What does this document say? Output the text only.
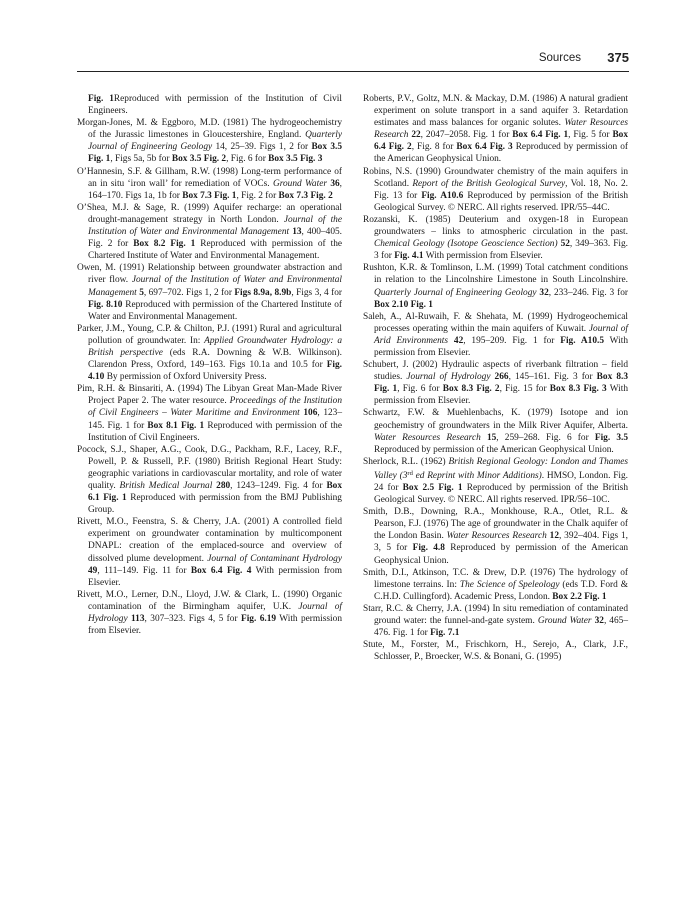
Sources 375

Fig. 1Reproduced with permission of the Institution of Civil Engineers.

Morgan-Jones, M. & Eggboro, M.D. (1981) The hydrogeochemistry of the Jurassic limestones in Gloucestershire, England. Quarterly Journal of Engineering Geology 14, 25–39. Figs 1, 2 for Box 3.5 Fig. 1, Figs 5a, 5b for Box 3.5 Fig. 2, Fig. 6 for Box 3.5 Fig. 3

O’Hannesin, S.F. & Gillham, R.W. (1998) Long-term performance of an in situ ‘iron wall’ for remediation of VOCs. Ground Water 36, 164–170. Figs 1a, 1b for Box 7.3 Fig. 1, Fig. 2 for Box 7.3 Fig. 2

O’Shea, M.J. & Sage, R. (1999) Aquifer recharge: an operational drought-management strategy in North London. Journal of the Institution of Water and Environmental Management 13, 400–405. Fig. 2 for Box 8.2 Fig. 1 Reproduced with permission of the Chartered Institute of Water and Environmental Management.

Owen, M. (1991) Relationship between groundwater abstraction and river flow. Journal of the Institution of Water and Environmental Management 5, 697–702. Figs 1, 2 for Figs 8.9a, 8.9b, Figs 3, 4 for Fig. 8.10 Reproduced with permission of the Chartered Institute of Water and Environmental Management.

Parker, J.M., Young, C.P. & Chilton, P.J. (1991) Rural and agricultural pollution of groundwater. In: Applied Groundwater Hydrology: a British perspective (eds R.A. Downing & W.B. Wilkinson). Clarendon Press, Oxford, 149–163. Figs 10.1a and 10.5 for Fig. 4.10 By permission of Oxford University Press.

Pim, R.H. & Binsariti, A. (1994) The Libyan Great Man-Made River Project Paper 2. The water resource. Proceedings of the Institution of Civil Engineers – Water Maritime and Environment 106, 123–145. Fig. 1 for Box 8.1 Fig. 1 Reproduced with permission of the Institution of Civil Engineers.

Pocock, S.J., Shaper, A.G., Cook, D.G., Packham, R.F., Lacey, R.F., Powell, P. & Russell, P.F. (1980) British Regional Heart Study: geographic variations in cardiovascular mortality, and role of water quality. British Medical Journal 280, 1243–1249. Fig. 4 for Box 6.1 Fig. 1 Reproduced with permission from the BMJ Publishing Group.

Rivett, M.O., Feenstra, S. & Cherry, J.A. (2001) A controlled field experiment on groundwater contamination by multicomponent DNAPL: creation of the emplaced-source and overview of dissolved plume development. Journal of Contaminant Hydrology 49, 111–149. Fig. 11 for Box 6.4 Fig. 4 With permission from Elsevier.

Rivett, M.O., Lerner, D.N., Lloyd, J.W. & Clark, L. (1990) Organic contamination of the Birmingham aquifer, U.K. Journal of Hydrology 113, 307–323. Figs 4, 5 for Fig. 6.19 With permission from Elsevier.

Roberts, P.V., Goltz, M.N. & Mackay, D.M. (1986) A natural gradient experiment on solute transport in a sand aquifer 3. Retardation estimates and mass balances for organic solutes. Water Resources Research 22, 2047–2058. Fig. 1 for Box 6.4 Fig. 1, Fig. 5 for Box 6.4 Fig. 2, Fig. 8 for Box 6.4 Fig. 3 Reproduced by permission of the American Geophysical Union.

Robins, N.S. (1990) Groundwater chemistry of the main aquifers in Scotland. Report of the British Geological Survey, Vol. 18, No. 2. Fig. 13 for Fig. A10.6 Reproduced by permission of the British Geological Survey. © NERC. All rights reserved. IPR/55–44C.

Rozanski, K. (1985) Deuterium and oxygen-18 in European groundwaters – links to atmospheric circulation in the past. Chemical Geology (Isotope Geoscience Section) 52, 349–363. Fig. 3 for Fig. 4.1 With permission from Elsevier.

Rushton, K.R. & Tomlinson, L.M. (1999) Total catchment conditions in relation to the Lincolnshire Limestone in South Lincolnshire. Quarterly Journal of Engineering Geology 32, 233–246. Fig. 3 for Box 2.10 Fig. 1

Saleh, A., Al-Ruwaih, F. & Shehata, M. (1999) Hydrogeochemical processes operating within the main aquifers of Kuwait. Journal of Arid Environments 42, 195–209. Fig. 1 for Fig. A10.5 With permission from Elsevier.

Schubert, J. (2002) Hydraulic aspects of riverbank filtration – field studies. Journal of Hydrology 266, 145–161. Fig. 3 for Box 8.3 Fig. 1, Fig. 6 for Box 8.3 Fig. 2, Fig. 15 for Box 8.3 Fig. 3 With permission from Elsevier.

Schwartz, F.W. & Muehlenbachs, K. (1979) Isotope and ion geochemistry of groundwaters in the Milk River Aquifer, Alberta. Water Resources Research 15, 259–268. Fig. 6 for Fig. 3.5 Reproduced by permission of the American Geophysical Union.

Sherlock, R.L. (1962) British Regional Geology: London and Thames Valley (3rd ed Reprint with Minor Additions). HMSO, London. Fig. 24 for Box 2.5 Fig. 1 Reproduced by permission of the British Geological Survey. © NERC. All rights reserved. IPR/56–10C.

Smith, D.B., Downing, R.A., Monkhouse, R.A., Otlet, R.L. & Pearson, F.J. (1976) The age of groundwater in the Chalk aquifer of the London Basin. Water Resources Research 12, 392–404. Figs 1, 3, 5 for Fig. 4.8 Reproduced by permission of the American Geophysical Union.

Smith, D.I., Atkinson, T.C. & Drew, D.P. (1976) The hydrology of limestone terrains. In: The Science of Speleology (eds T.D. Ford & C.H.D. Cullingford). Academic Press, London. Box 2.2 Fig. 1

Starr, R.C. & Cherry, J.A. (1994) In situ remediation of contaminated ground water: the funnel-and-gate system. Ground Water 32, 465–476. Fig. 1 for Fig. 7.1

Stute, M., Forster, M., Frischkorn, H., Serejo, A., Clark, J.F., Schlosser, P., Broecker, W.S. & Bonani, G. (1995)
